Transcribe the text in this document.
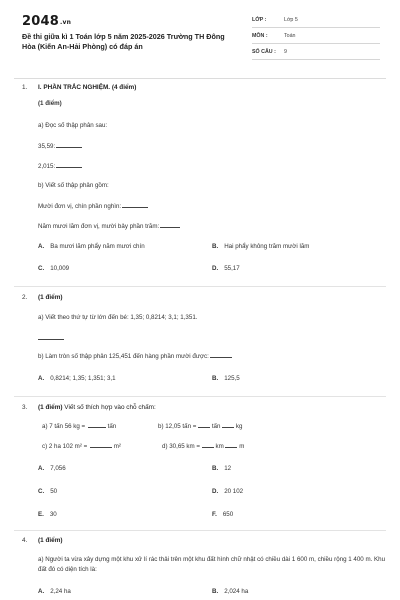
$2048^{.vn}$
Đề thi giữa kì 1 Toán lớp 5 năm 2025-2026 Trường TH Đông Hòa (Kiến An-Hải Phòng) có đáp án
LỚP :	Lớp 5
MÔN :	Toán
SỐ CÂU : 9
1. I. PHẦN TRẮC NGHIỆM. (4 điểm)
(1 điểm)
a) Đọc số thập phân sau:
35,59:
2,015:
b) Viết số thập phân gồm:
Mười đơn vị, chín phần nghìn:
Năm mươi lăm đơn vị, mười bảy phần trăm:
A. Ba mươi lăm phẩy năm mươi chín	B. Hai phẩy không trăm mười lăm
C. 10,009	D. 55,17
2. (1 điểm)
a) Viết theo thứ tự từ lớn đến bé: 1,35; 0,8214; 3,1; 1,351.
b) Làm tròn số thập phân 125,451 đến hàng phần mười được:
A. 0,8214; 1,35; 1,351; 3,1	B. 125,5
3. (1 điểm) Viết số thích hợp vào chỗ chấm:
a) 7 tấn 56 kg =	tấn	b) 12,05 tấn = tấn kg
c) 2 ha 102 m² =	m²	d) 30,65 km = km m
A. 7,056	B. 12
C. 50	D. 20 102
E. 30	F. 650
4. (1 điểm)
a) Người ta vừa xây dựng một khu xử lí rác thải trên một khu đất hình chữ nhật có chiều dài 1 600 m, chiều rộng 1 400 m. Khu đất đó có diện tích là:
A. 2,24 ha	B. 2,024 ha
